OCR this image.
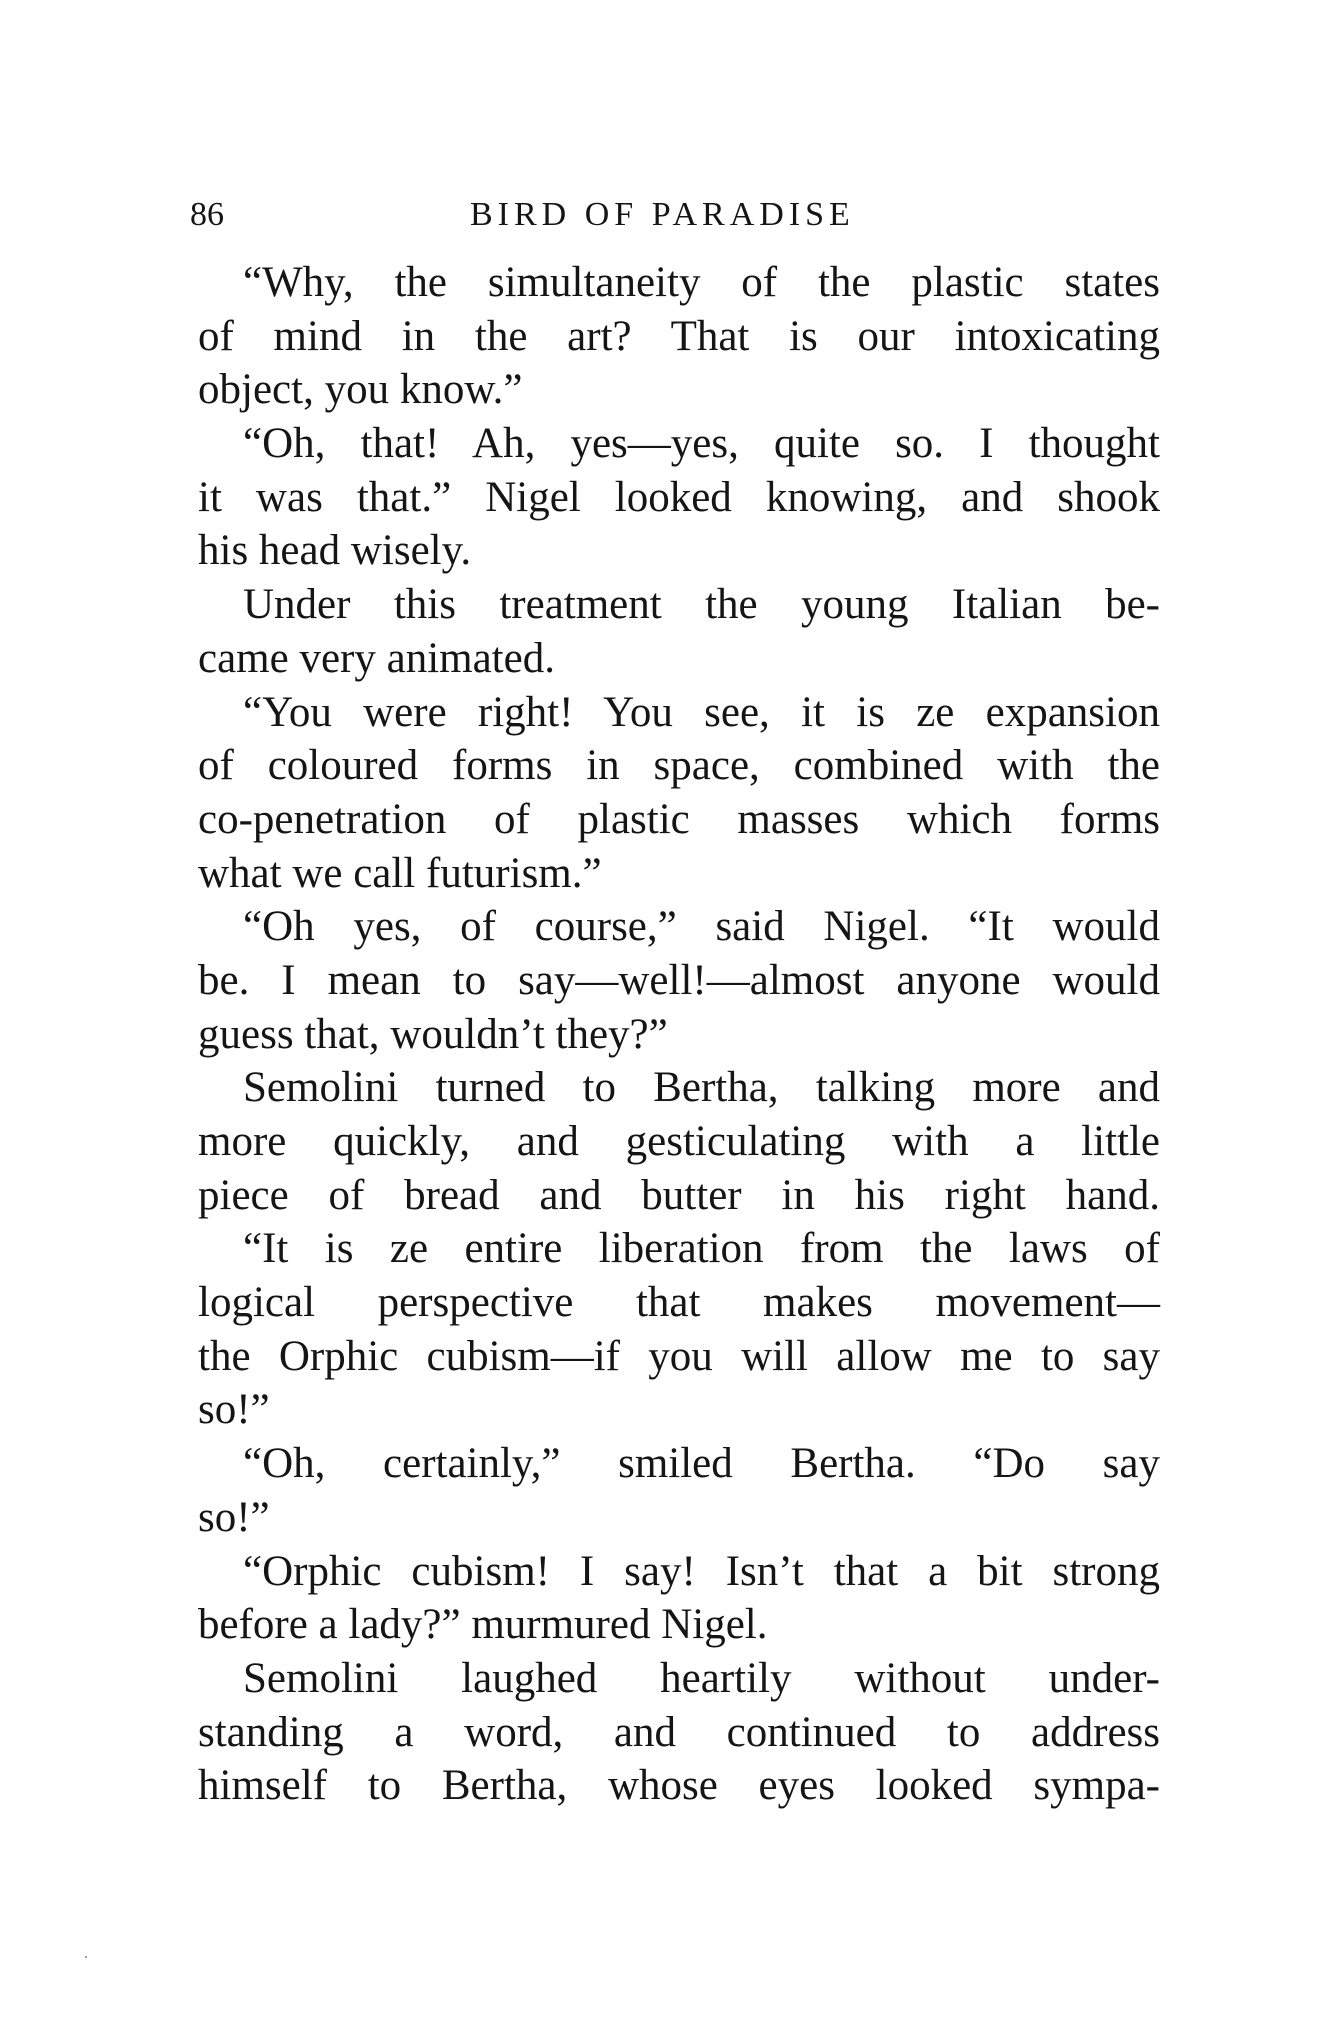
86	BIRD OF PARADISE
“Why, the simultaneity of the plastic states
of mind in the art? That is our intoxicating
object, you know.”
“Oh, that! Ah, yes—yes, quite so. I thought
it was that.” Nigel looked knowing, and shook
his head wisely.
Under this treatment the young Italian be-
came very animated.
“You were right! You see, it is ze expansion
of coloured forms in space, combined with the
co-penetration of plastic masses which forms
what we call futurism.”
“Oh yes, of course,” said Nigel. “It would
be. I mean to say—well!—almost anyone would
guess that, wouldn’t they?”
Semolini turned to Bertha, talking more and
more quickly, and gesticulating with a little
piece of bread and butter in his right hand.
“It is ze entire liberation from the laws of
logical perspective that makes movement—
the Orphic cubism—if you will allow me to say
so!”
“Oh, certainly,” smiled Bertha. “Do say
so!”
“Orphic cubism! I say! Isn’t that a bit strong
before a lady?” murmured Nigel.
Semolini laughed heartily without under-
standing a word, and continued to address
himself to Bertha, whose eyes looked sympa-
